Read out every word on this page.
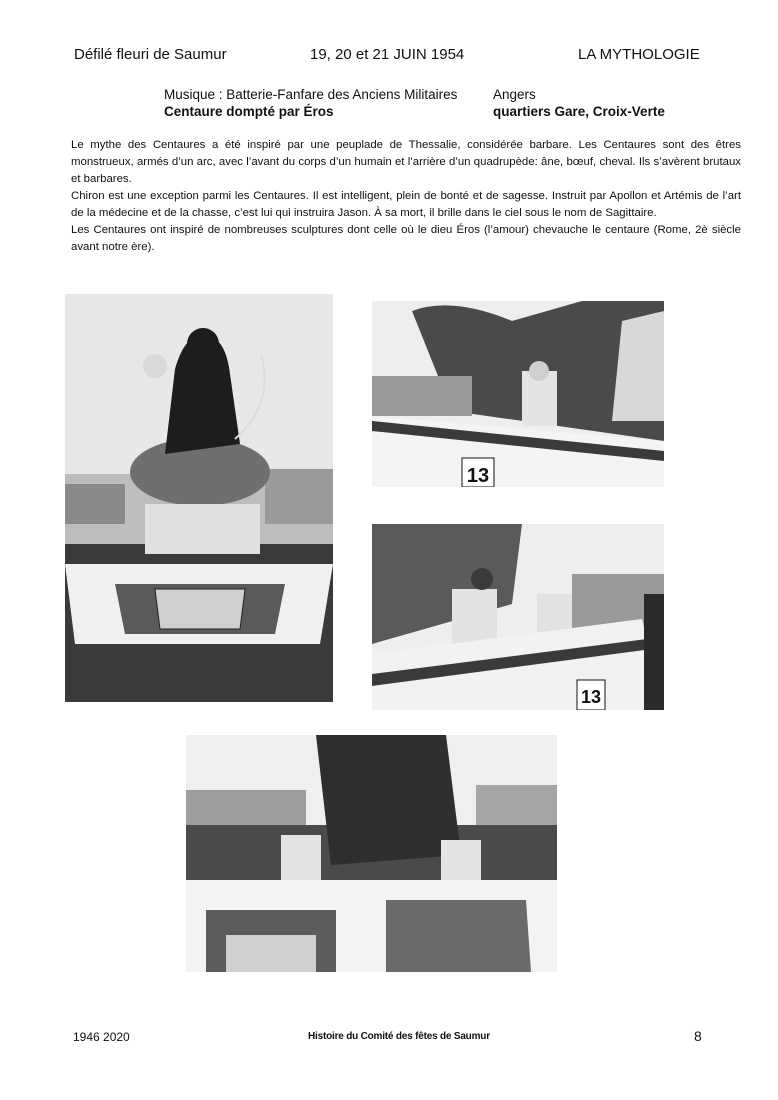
Défilé fleuri de Saumur	19, 20 et 21 JUIN 1954	LA MYTHOLOGIE
Musique : Batterie-Fanfare des Anciens Militaires	Angers
Centaure dompté par Éros	quartiers Gare, Croix-Verte

Le mythe des Centaures a été inspiré par une peuplade de Thessalie, considérée barbare. Les Centaures sont des êtres monstrueux, armés d’un arc, avec l’avant du corps d’un humain et l’arrière d’un quadrupède: âne, bœuf, cheval. Ils s’avèrent brutaux et barbares.

Chiron est une exception parmi les Centaures. Il est intelligent, plein de bonté et de sagesse. Instruit par Apollon et Artémis de l’art de la médecine et de la chasse, c’est lui qui instruira Jason. À sa mort, il brille dans le ciel sous le nom de Sagittaire.

Les Centaures ont inspiré de nombreuses sculptures dont celle où le dieu Éros (l’amour) chevauche le centaure (Rome, 2è siècle avant notre ère).

13
13
1946 2020	Histoire du Comité des fêtes de Saumur	8
